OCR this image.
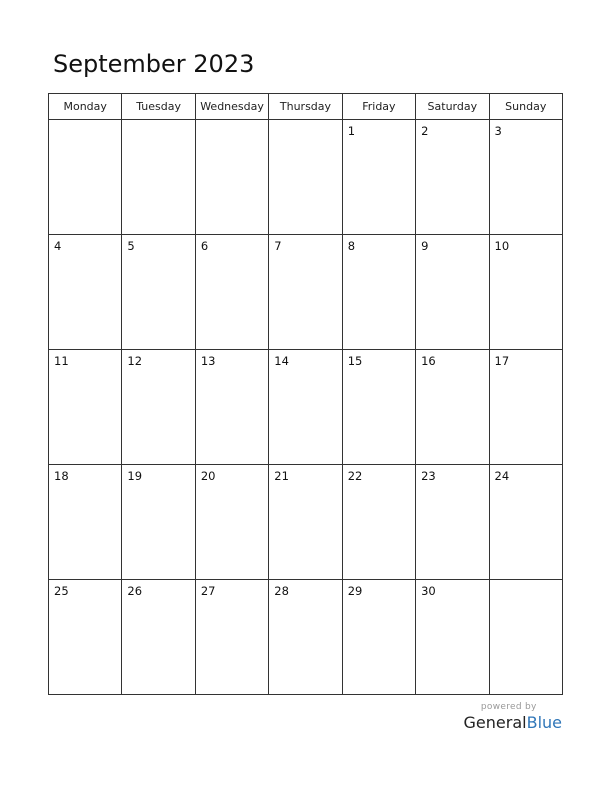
September 2023
Monday	Tuesday	Wednesday	Thursday	Friday	Saturday	Sunday

				1	2	3

4	5	6	7	8	9	10

11	12	13	14	15	16	17

18	19	20	21	22	23	24

25	26	27	28	29	30	

powered by
GeneralBlue
